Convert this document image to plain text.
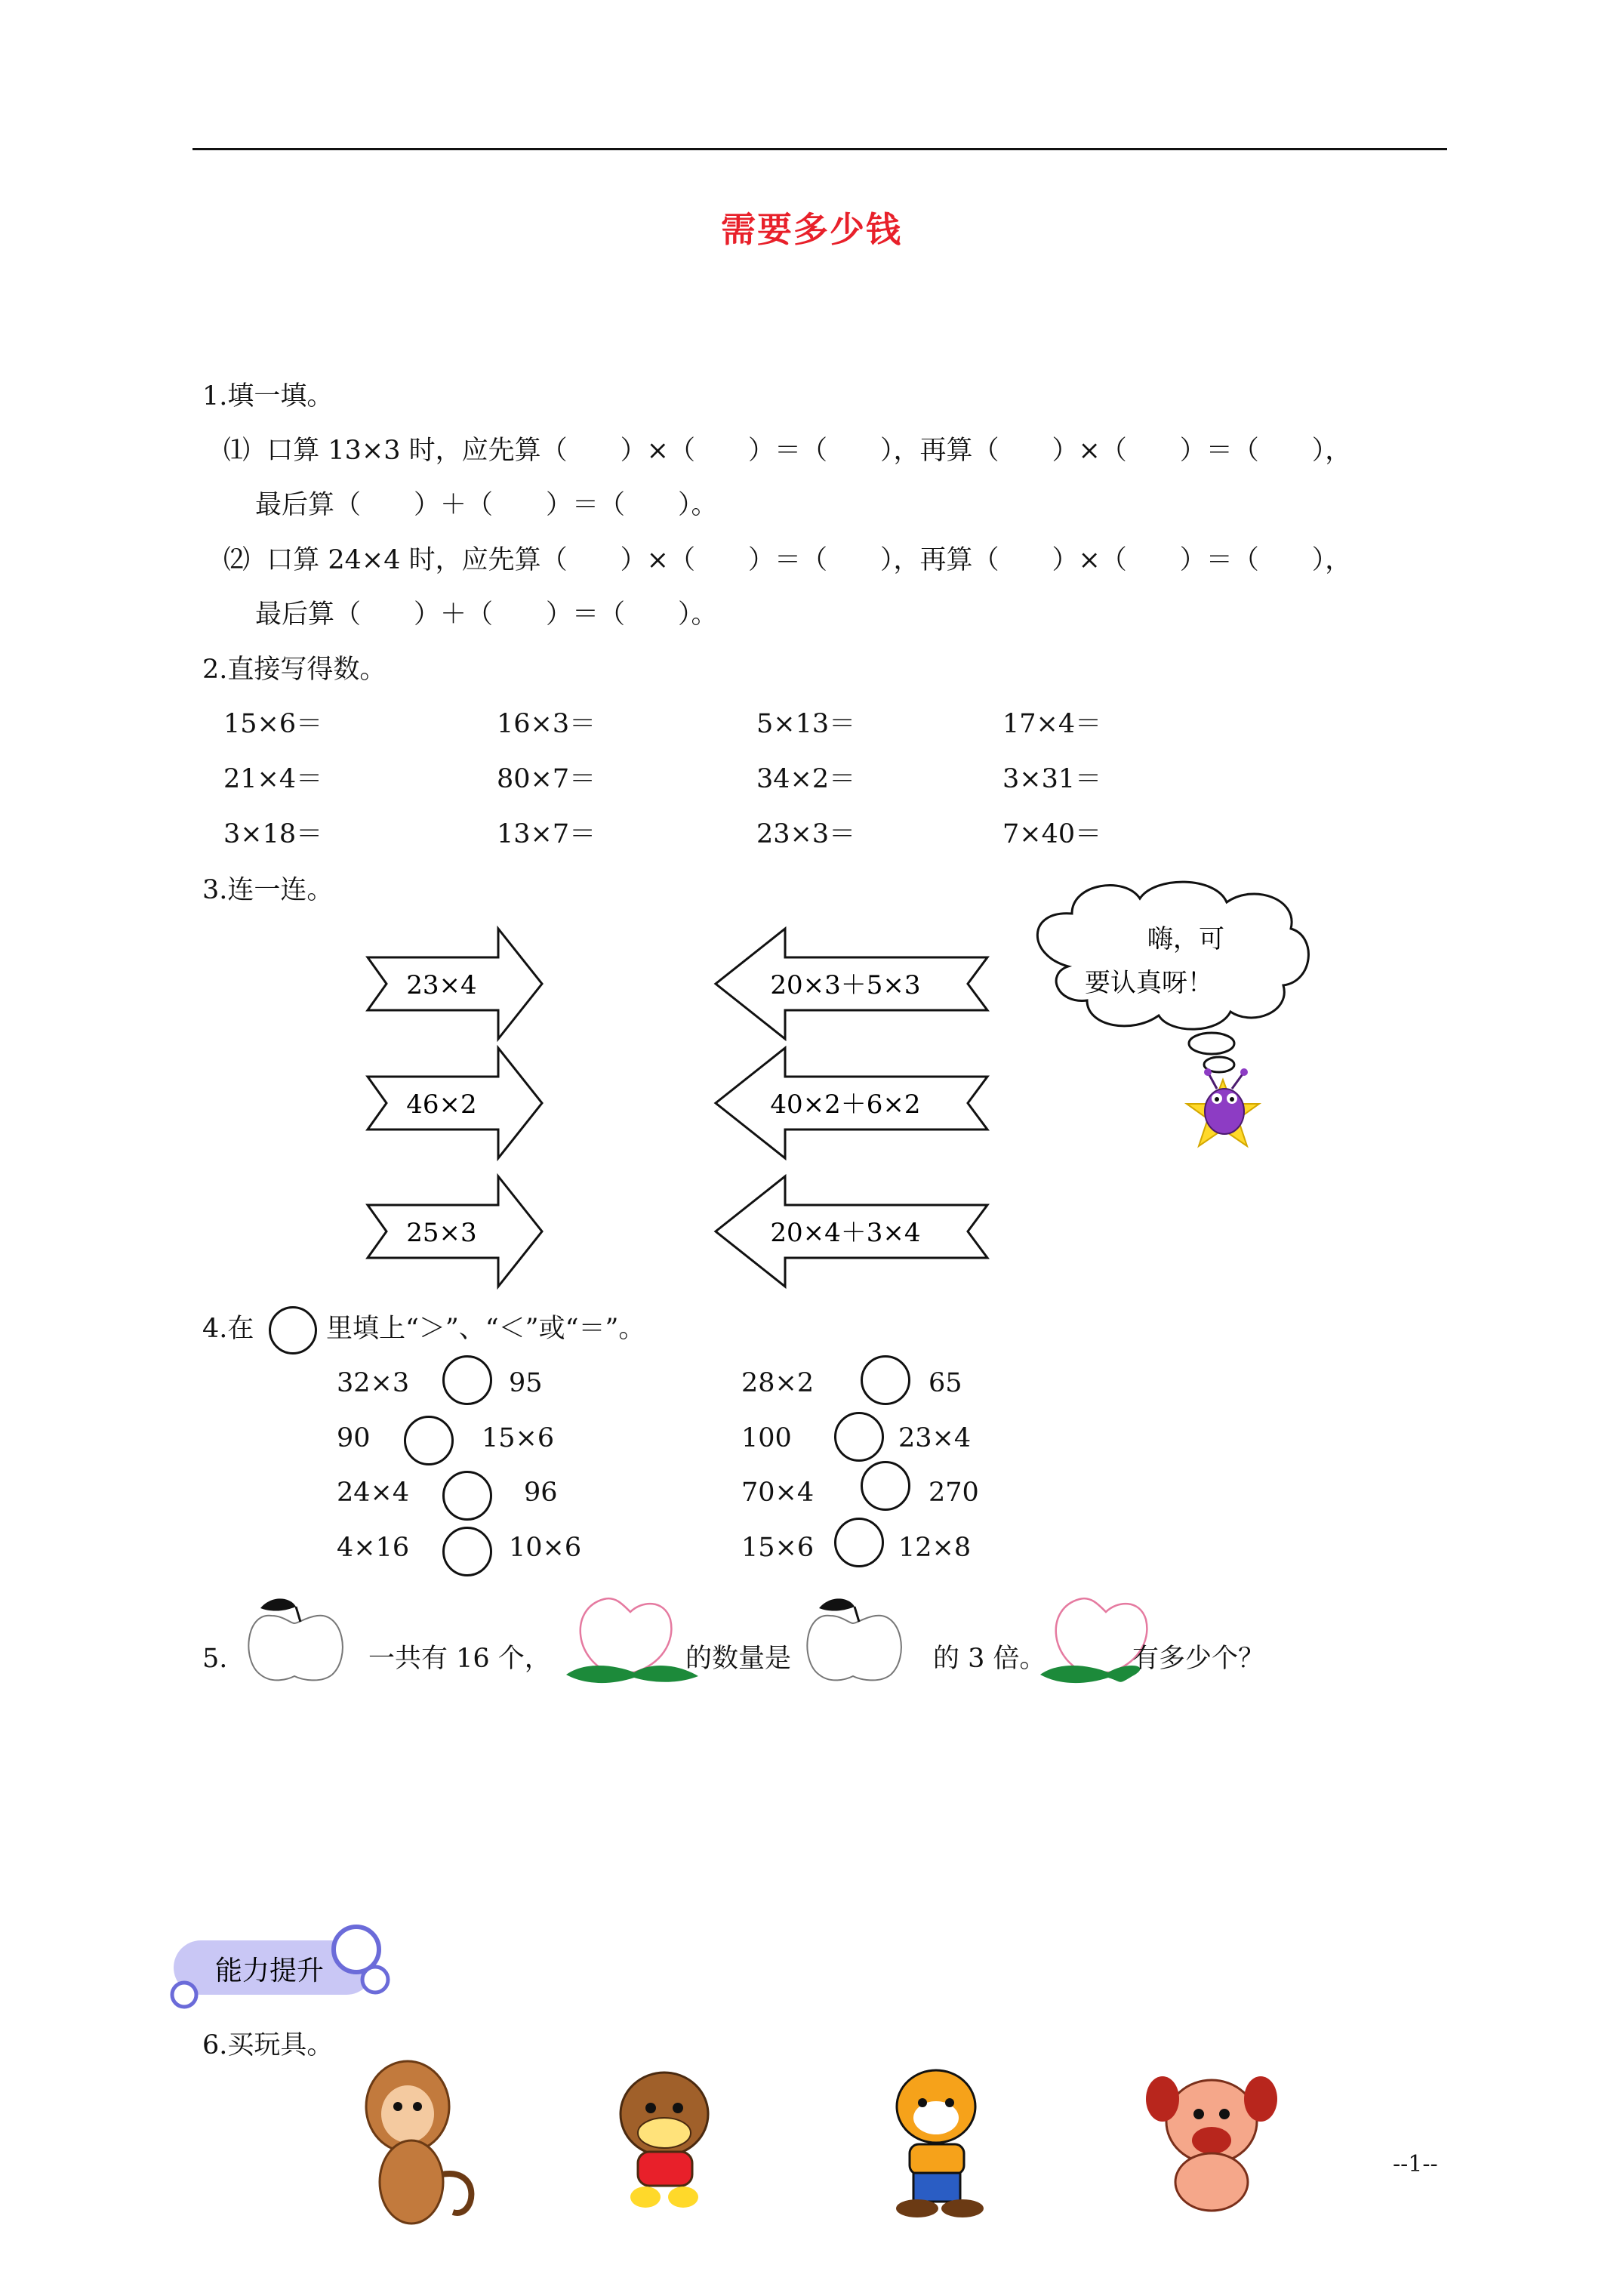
需要多少钱
1.填一填。
⑴  口算 13×3 时，应先算（　　）×（　　）＝（　　），再算（　　）×（　　）＝（　　），
最后算（　　）＋（　　）＝（　　）。
⑵  口算 24×4 时，应先算（　　）×（　　）＝（　　），再算（　　）×（　　）＝（　　），
最后算（　　）＋（　　）＝（　　）。
2.直接写得数。
15×6＝	16×3＝	5×13＝	17×4＝
21×4＝	80×7＝	34×2＝	3×31＝
3×18＝	13×7＝	23×3＝	7×40＝
3.连一连。
23×4
46×2
25×3
20×3＋5×3
40×2＋6×2
20×4＋3×4
嗨，可
要认真呀！
能力提升
4.在	里填上“＞”、“＜”或“＝”。
32×3	95
90	15×6
24×4	96
4×16	10×6
28×2	65
100	23×4
70×4	270
15×6	12×8
5.	一共有 16 个，	的数量是	的 3 倍。	有多少个？
6.买玩具。
--1--
